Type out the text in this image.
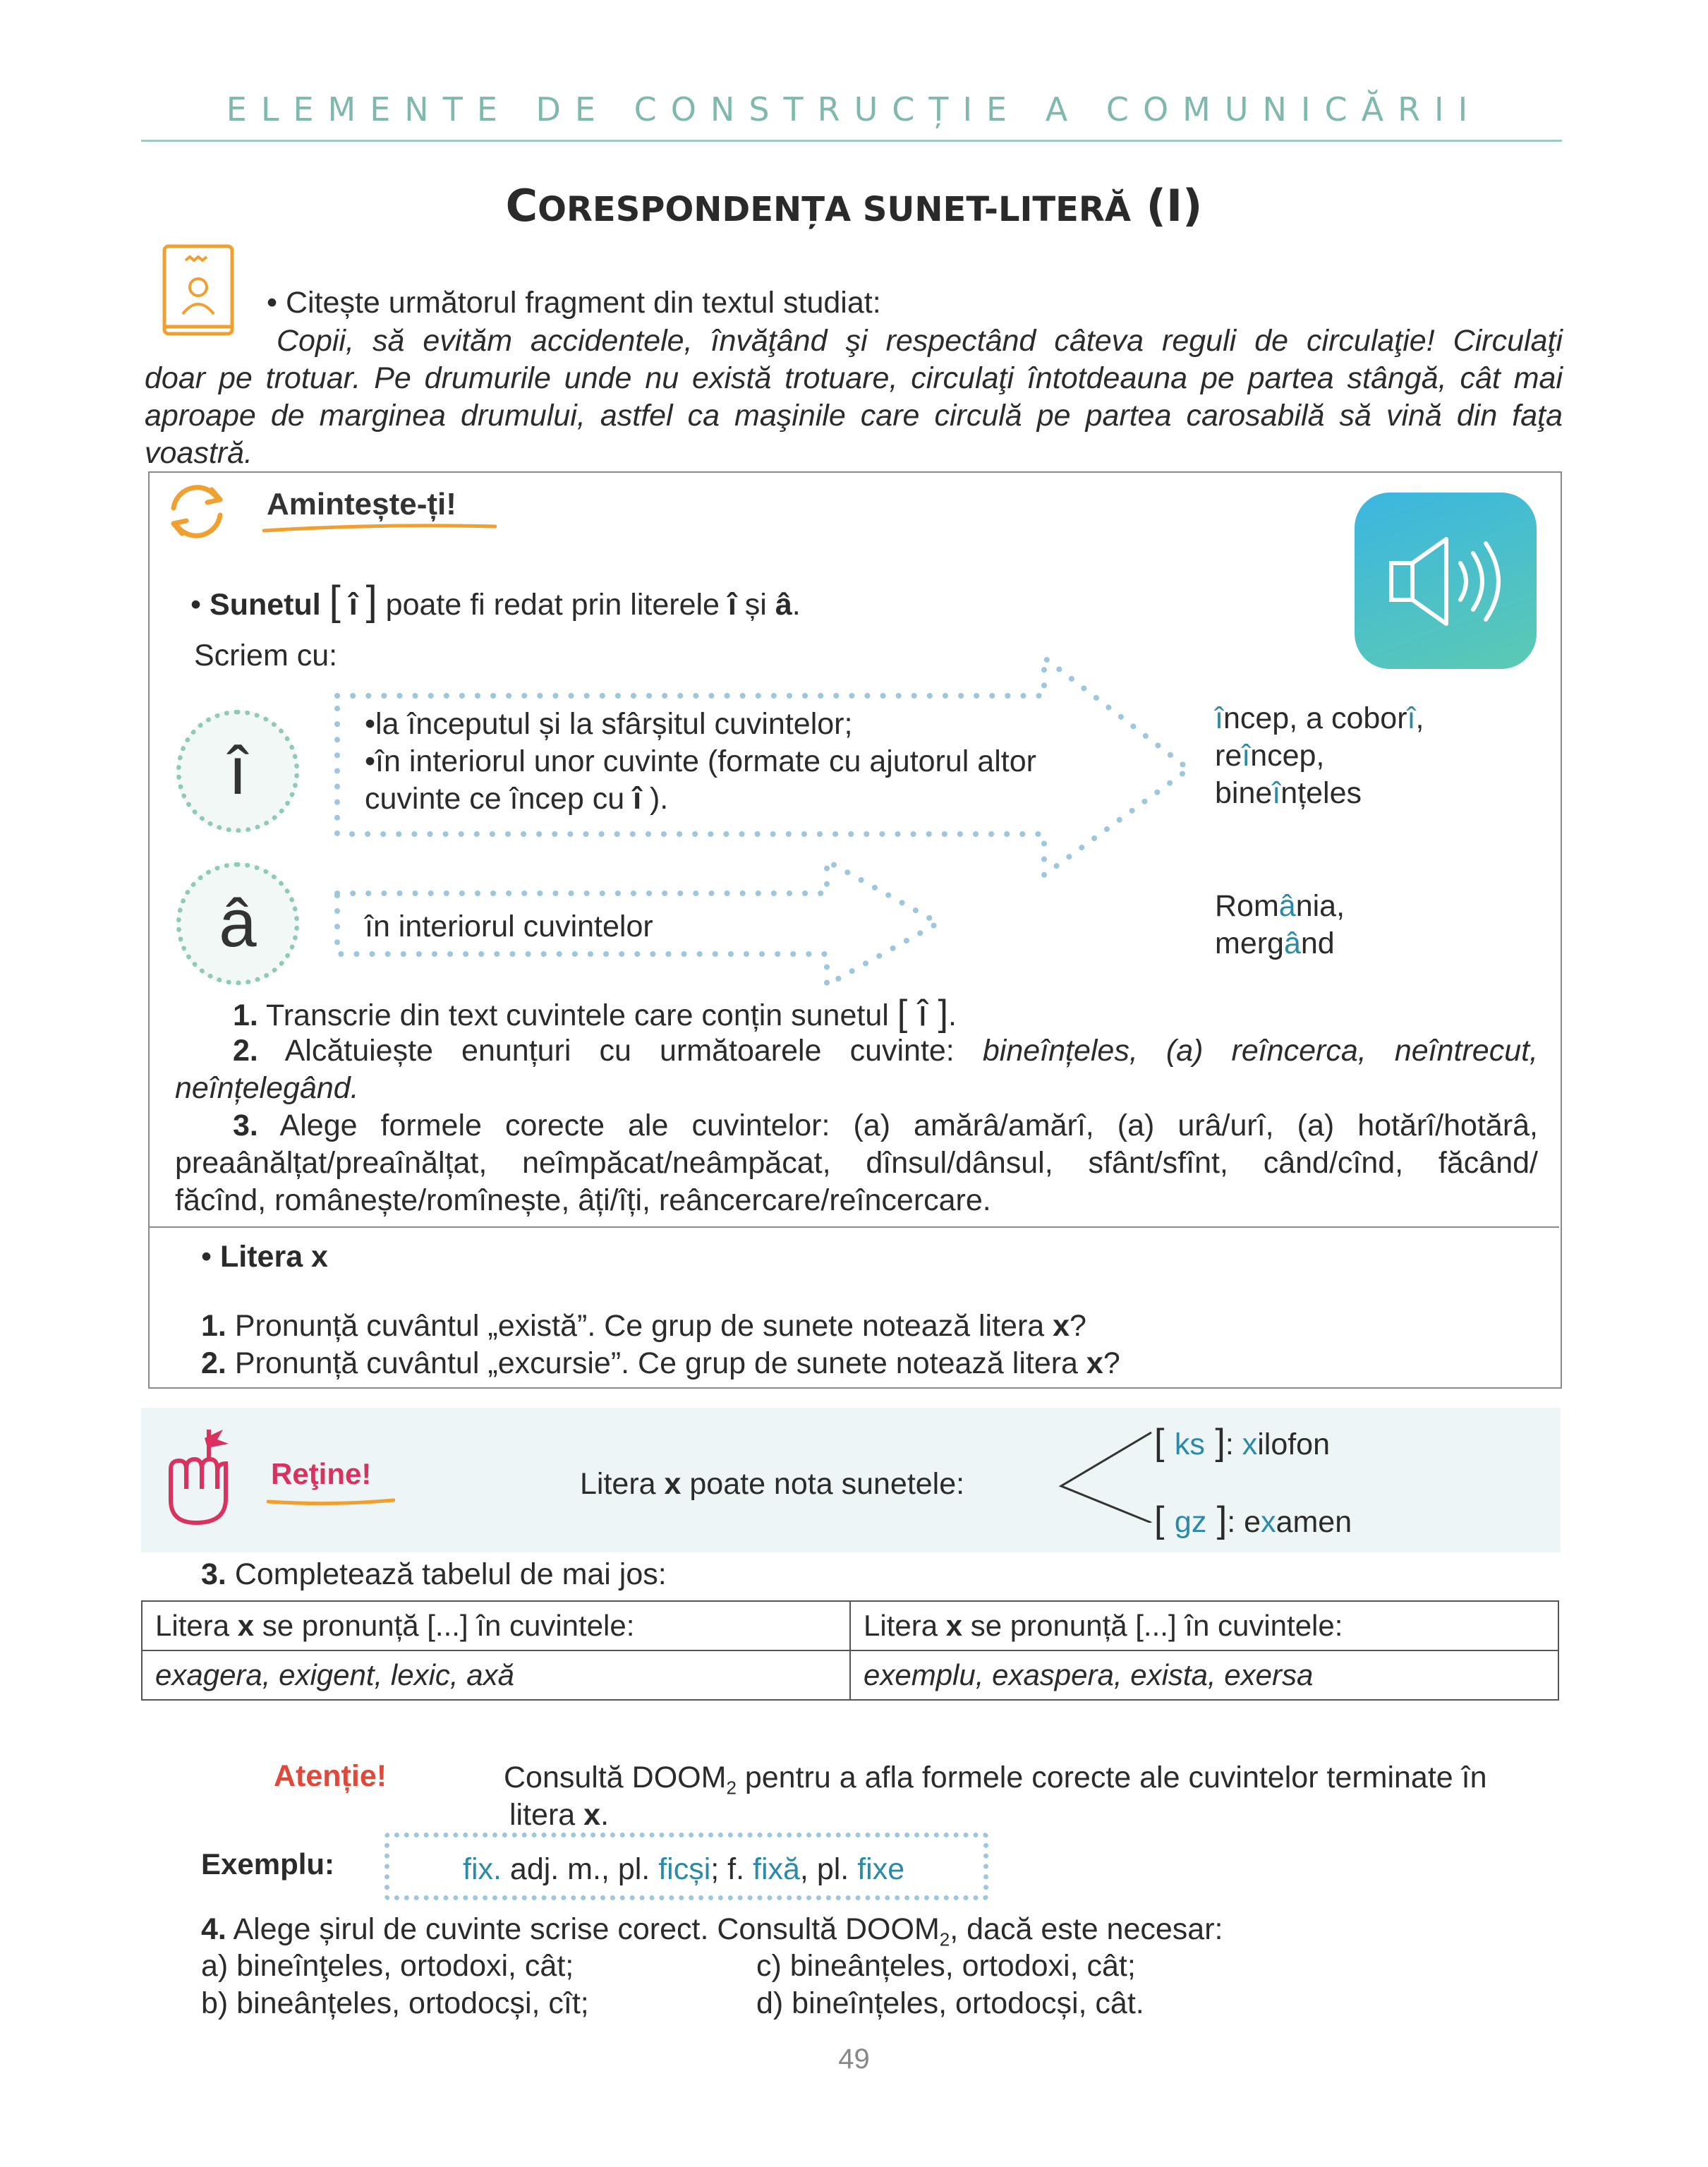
ELEMENTE DE CONSTRUCȚIE A COMUNICĂRII
CORESPONDENȚA SUNET-LITERĂ (I)
• Citește următorul fragment din textul studiat:
Copii, să evităm accidentele, învăţând şi respectând câteva reguli de circulaţie! Circulaţi
doar pe trotuar. Pe drumurile unde nu există trotuare, circulaţi întotdeauna pe partea stângă, cât mai
aproape de marginea drumului, astfel ca maşinile care circulă pe partea carosabilă să vină din faţa
voastră.
Amintește-ți!
• Sunetul [ î ] poate fi redat prin literele î și â.
Scriem cu:
î
â
•la începutul și la sfârșitul cuvintelor;
•în interiorul unor cuvinte (formate cu ajutorul altor
cuvinte ce încep cu î ).
în interiorul cuvintelor
încep, a coborî,
reîncep,
bineînțeles
România,
mergând
1. Transcrie din text cuvintele care conțin sunetul [ î ].
2. Alcătuiește enunțuri cu următoarele cuvinte: bineînțeles, (a) reîncerca, neîntrecut,
neînțelegând.
3. Alege formele corecte ale cuvintelor: (a) amărâ/amărî, (a) urâ/urî, (a) hotărî/hotărâ,
preaânălțat/preaînălțat, neîmpăcat/neâmpăcat, dînsul/dânsul, sfânt/sfînt, când/cînd, făcând/
făcînd, românește/romînește, âți/îți, reâncercare/reîncercare.
• Litera x
1. Pronunță cuvântul „există”. Ce grup de sunete notează litera x?
2. Pronunță cuvântul „excursie”. Ce grup de sunete notează litera x?
Reţine!	Litera x poate nota sunetele:
[ ks ]: xilofon
[ gz ]: examen
3. Completează tabelul de mai jos:
Litera x se pronunță [...] în cuvintele:	Litera x se pronunță [...] în cuvintele:
exagera, exigent, lexic, axă	exemplu, exaspera, exista, exersa
Atenție!	Consultă $DOOM_2$ pentru a afla formele corecte ale cuvintelor terminate în
litera x.
Exemplu:	fix. adj. m., pl. ficși; f. fixă, pl. fixe
4. Alege șirul de cuvinte scrise corect. Consultă $DOOM_2$, dacă este necesar:
a) bineînţeles, ortodoxi, cât;
b) bineânțeles, ortodocși, cît;
c) bineânțeles, ortodoxi, cât;
d) bineînțeles, ortodocși, cât.
49
